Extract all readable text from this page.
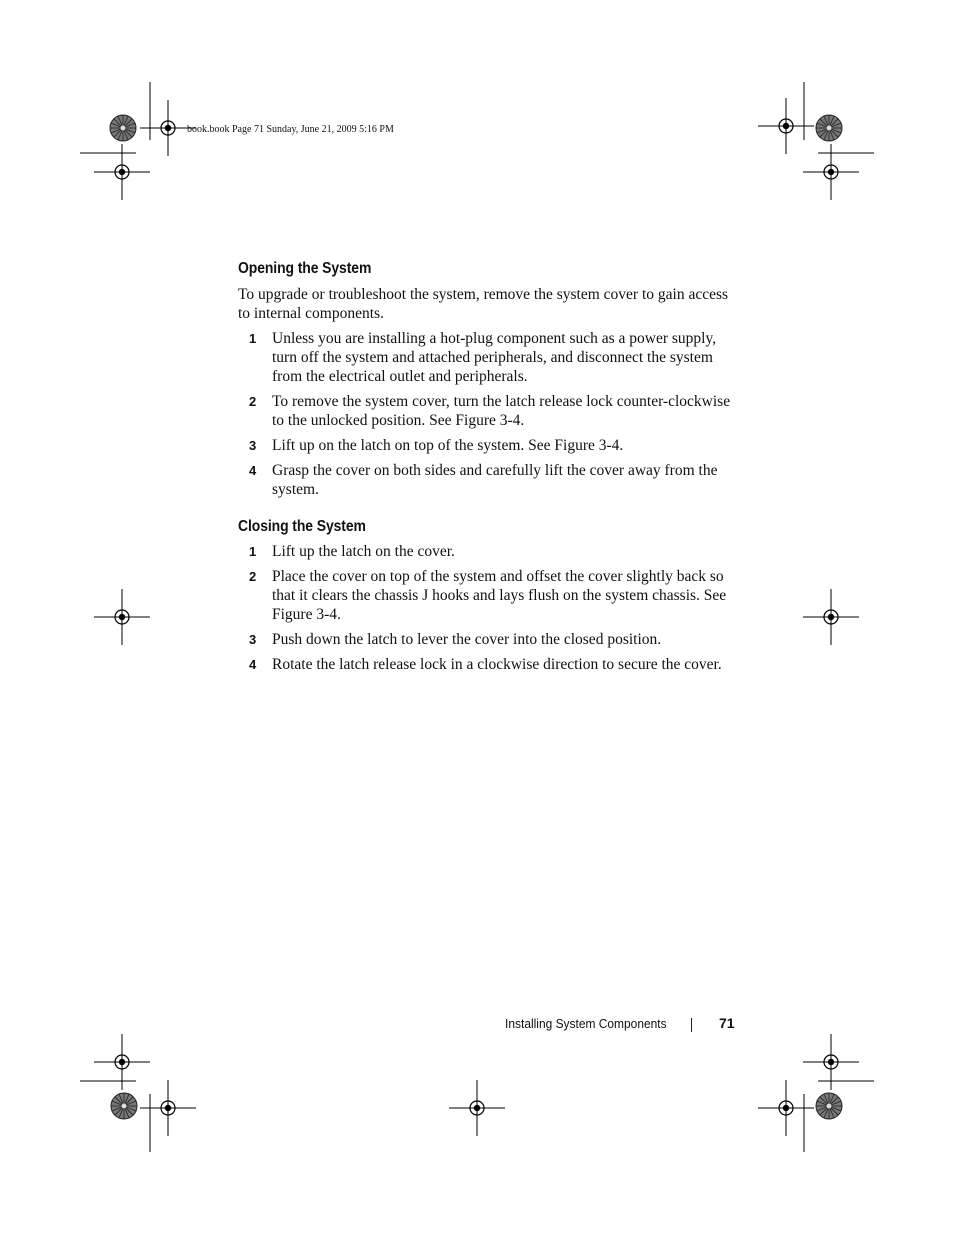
book.book Page 71 Sunday, June 21, 2009 5:16 PM
Opening the System

To upgrade or troubleshoot the system, remove the system cover to gain access to internal components.

1 Unless you are installing a hot-plug component such as a power supply, turn off the system and attached peripherals, and disconnect the system from the electrical outlet and peripherals.
2 To remove the system cover, turn the latch release lock counter-clockwise to the unlocked position. See Figure 3-4.
3 Lift up on the latch on top of the system. See Figure 3-4.
4 Grasp the cover on both sides and carefully lift the cover away from the system.
Closing the System
1 Lift up the latch on the cover.
2 Place the cover on top of the system and offset the cover slightly back so that it clears the chassis J hooks and lays flush on the system chassis. See Figure 3-4.
3 Push down the latch to lever the cover into the closed position.
4 Rotate the latch release lock in a clockwise direction to secure the cover.
Installing System Components	71
